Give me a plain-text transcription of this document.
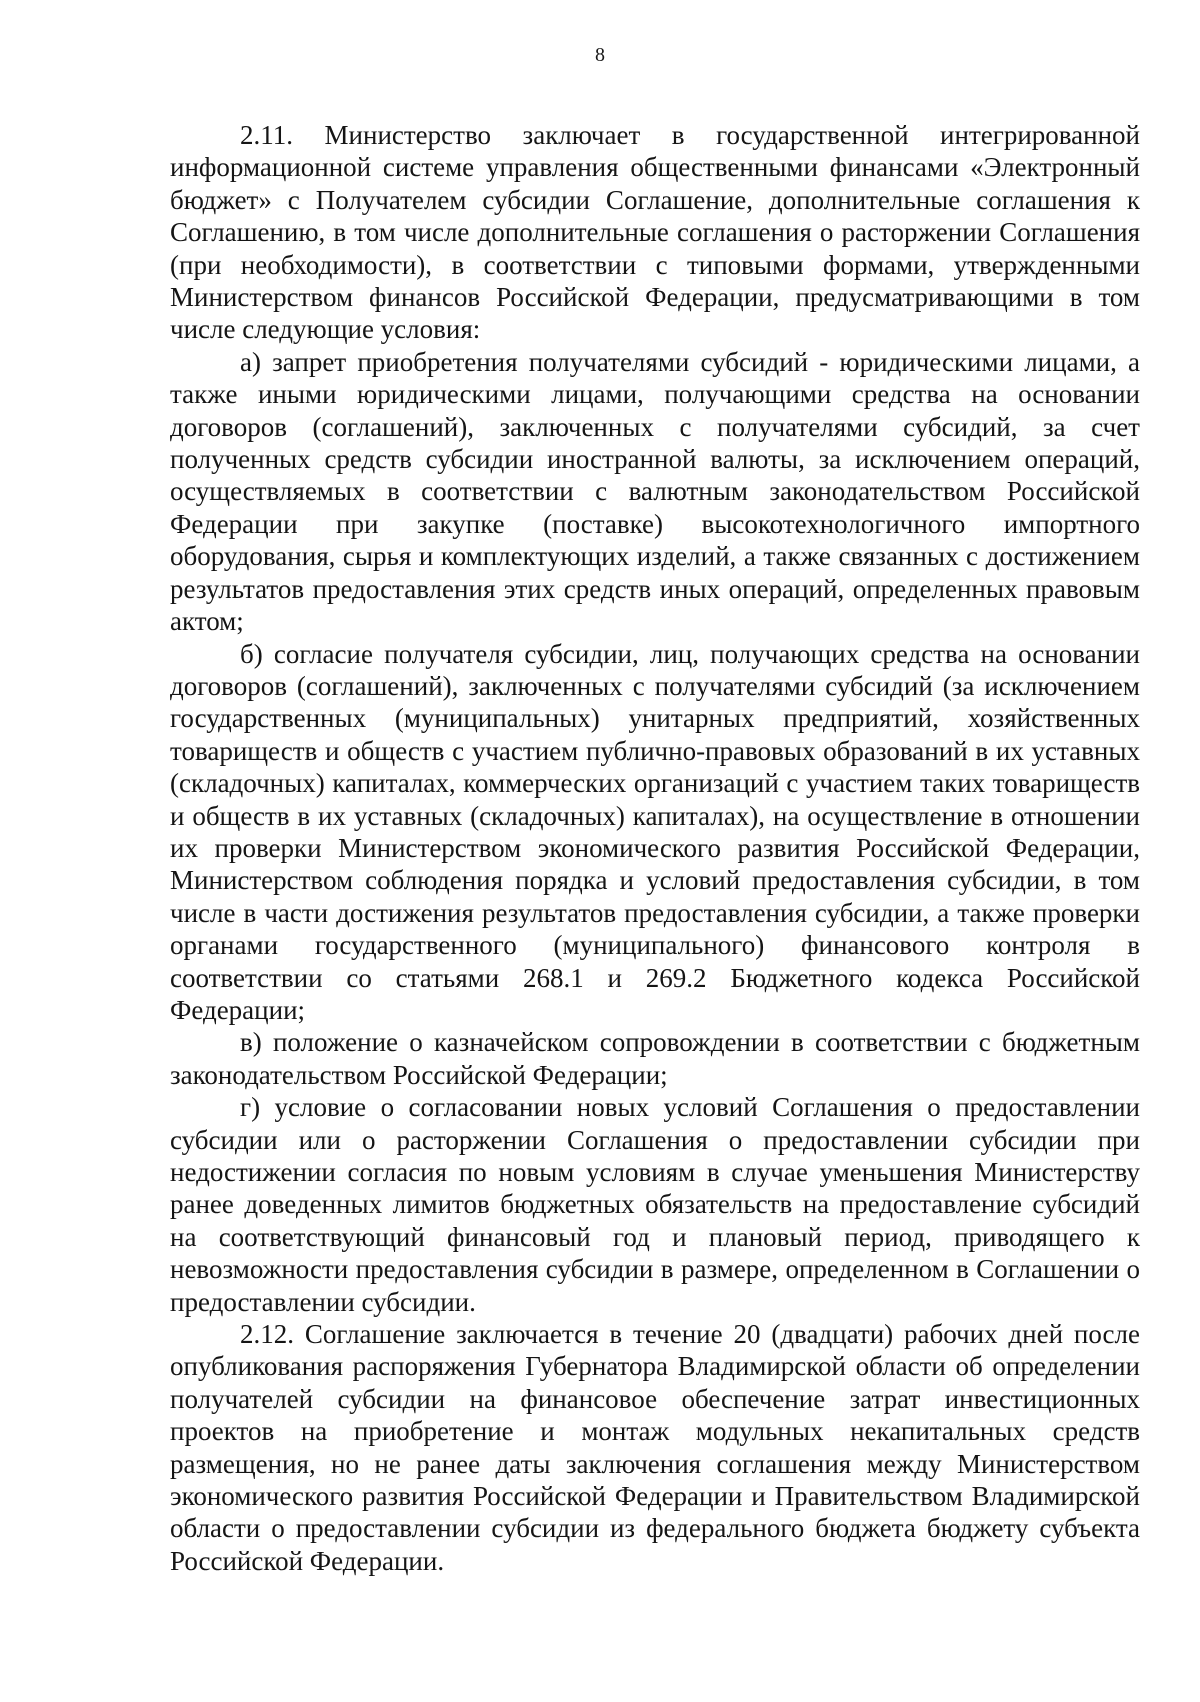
8

2.11. Министерство заключает в государственной интегрированной информационной системе управления общественными финансами «Электронный бюджет» с Получателем субсидии Соглашение, дополнительные соглашения к Соглашению, в том числе дополнительные соглашения о расторжении Соглашения (при необходимости), в соответствии с типовыми формами, утвержденными Министерством финансов Российской Федерации, предусматривающими в том числе следующие условия:

а) запрет приобретения получателями субсидий - юридическими лицами, а также иными юридическими лицами, получающими средства на основании договоров (соглашений), заключенных с получателями субсидий, за счет полученных средств субсидии иностранной валюты, за исключением операций, осуществляемых в соответствии с валютным законодательством Российской Федерации при закупке (поставке) высокотехнологичного импортного оборудования, сырья и комплектующих изделий, а также связанных с достижением результатов предоставления этих средств иных операций, определенных правовым актом;

б) согласие получателя субсидии, лиц, получающих средства на основании договоров (соглашений), заключенных с получателями субсидий (за исключением государственных (муниципальных) унитарных предприятий, хозяйственных товариществ и обществ с участием публично-правовых образований в их уставных (складочных) капиталах, коммерческих организаций с участием таких товариществ и обществ в их уставных (складочных) капиталах), на осуществление в отношении их проверки Министерством экономического развития Российской Федерации, Министерством соблюдения порядка и условий предоставления субсидии, в том числе в части достижения результатов предоставления субсидии, а также проверки органами государственного (муниципального) финансового контроля в соответствии со статьями 268.1 и 269.2 Бюджетного кодекса Российской Федерации;

в) положение о казначейском сопровождении в соответствии с бюджетным законодательством Российской Федерации;

г) условие о согласовании новых условий Соглашения о предоставлении субсидии или о расторжении Соглашения о предоставлении субсидии при недостижении согласия по новым условиям в случае уменьшения Министерству ранее доведенных лимитов бюджетных обязательств на предоставление субсидий на соответствующий финансовый год и плановый период, приводящего к невозможности предоставления субсидии в размере, определенном в Соглашении о предоставлении субсидии.

2.12. Соглашение заключается в течение 20 (двадцати) рабочих дней после опубликования распоряжения Губернатора Владимирской области об определении получателей субсидии на финансовое обеспечение затрат инвестиционных проектов на приобретение и монтаж модульных некапитальных средств размещения, но не ранее даты заключения соглашения между Министерством экономического развития Российской Федерации и Правительством Владимирской области о предоставлении субсидии из федерального бюджета бюджету субъекта Российской Федерации.
